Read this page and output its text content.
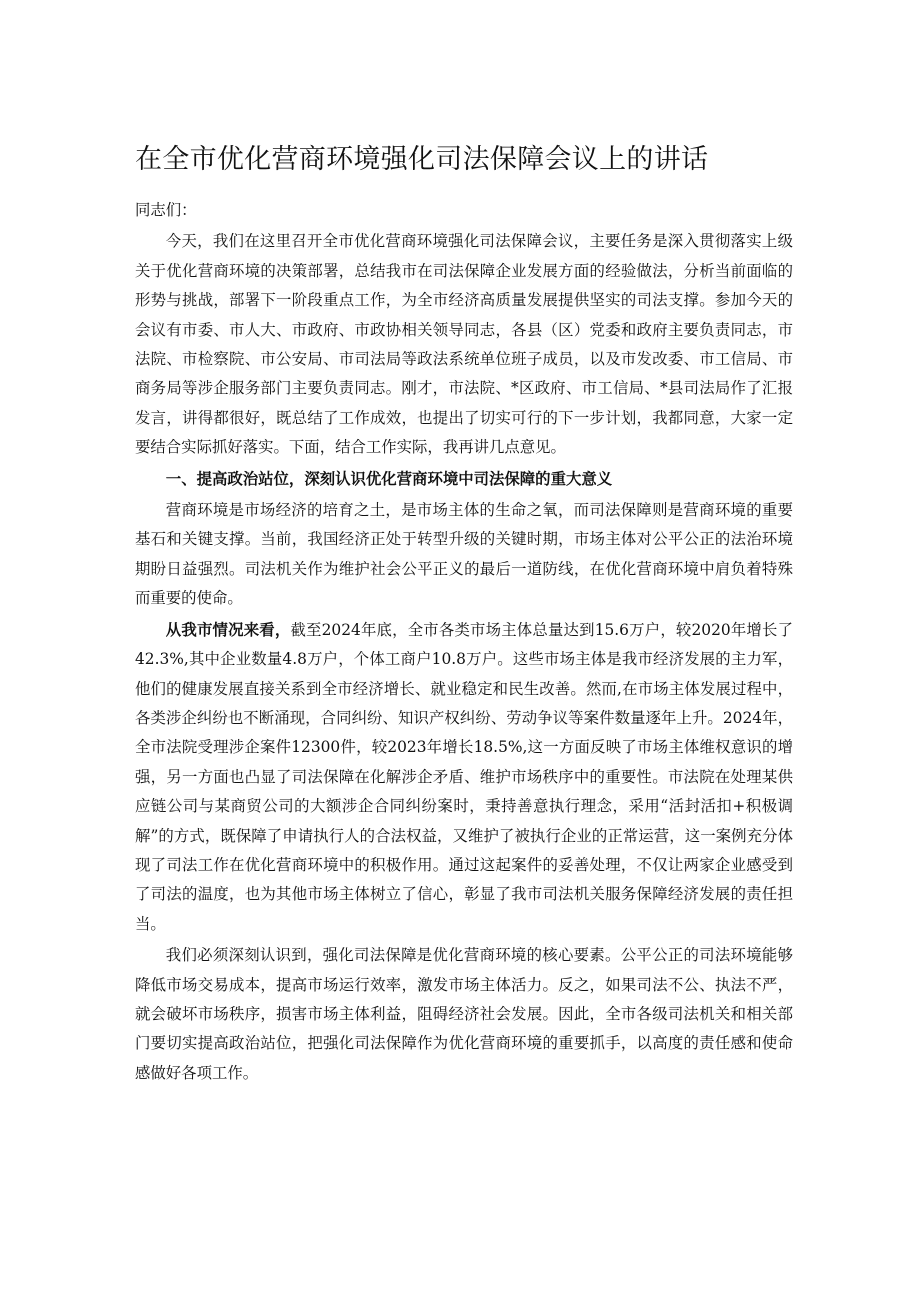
在全市优化营商环境强化司法保障会议上的讲话

同志们：

今天，我们在这里召开全市优化营商环境强化司法保障会议，主要任务是深入贯彻落实上级关于优化营商环境的决策部署，总结我市在司法保障企业发展方面的经验做法，分析当前面临的形势与挑战，部署下一阶段重点工作，为全市经济高质量发展提供坚实的司法支撑。参加今天的会议有市委、市人大、市政府、市政协相关领导同志，各县（区）党委和政府主要负责同志，市法院、市检察院、市公安局、市司法局等政法系统单位班子成员，以及市发改委、市工信局、市商务局等涉企服务部门主要负责同志。刚才，市法院、*区政府、市工信局、*县司法局作了汇报发言，讲得都很好，既总结了工作成效，也提出了切实可行的下一步计划，我都同意，大家一定要结合实际抓好落实。下面，结合工作实际，我再讲几点意见。

一、提高政治站位，深刻认识优化营商环境中司法保障的重大意义

营商环境是市场经济的培育之土，是市场主体的生命之氧，而司法保障则是营商环境的重要基石和关键支撑。当前，我国经济正处于转型升级的关键时期，市场主体对公平公正的法治环境期盼日益强烈。司法机关作为维护社会公平正义的最后一道防线，在优化营商环境中肩负着特殊而重要的使命。

从我市情况来看，截至2024年底，全市各类市场主体总量达到15.6万户，较2020年增长了42.3%,其中企业数量4.8万户，个体工商户10.8万户。这些市场主体是我市经济发展的主力军，他们的健康发展直接关系到全市经济增长、就业稳定和民生改善。然而,在市场主体发展过程中，各类涉企纠纷也不断涌现，合同纠纷、知识产权纠纷、劳动争议等案件数量逐年上升。2024年，全市法院受理涉企案件12300件，较2023年增长18.5%,这一方面反映了市场主体维权意识的增强，另一方面也凸显了司法保障在化解涉企矛盾、维护市场秩序中的重要性。市法院在处理某供应链公司与某商贸公司的大额涉企合同纠纷案时，秉持善意执行理念，采用“活封活扣+积极调解”的方式，既保障了申请执行人的合法权益，又维护了被执行企业的正常运营，这一案例充分体现了司法工作在优化营商环境中的积极作用。通过这起案件的妥善处理，不仅让两家企业感受到了司法的温度，也为其他市场主体树立了信心，彰显了我市司法机关服务保障经济发展的责任担当。

我们必须深刻认识到，强化司法保障是优化营商环境的核心要素。公平公正的司法环境能够降低市场交易成本，提高市场运行效率，激发市场主体活力。反之，如果司法不公、执法不严，就会破坏市场秩序，损害市场主体利益，阻碍经济社会发展。因此，全市各级司法机关和相关部门要切实提高政治站位，把强化司法保障作为优化营商环境的重要抓手，以高度的责任感和使命感做好各项工作。
